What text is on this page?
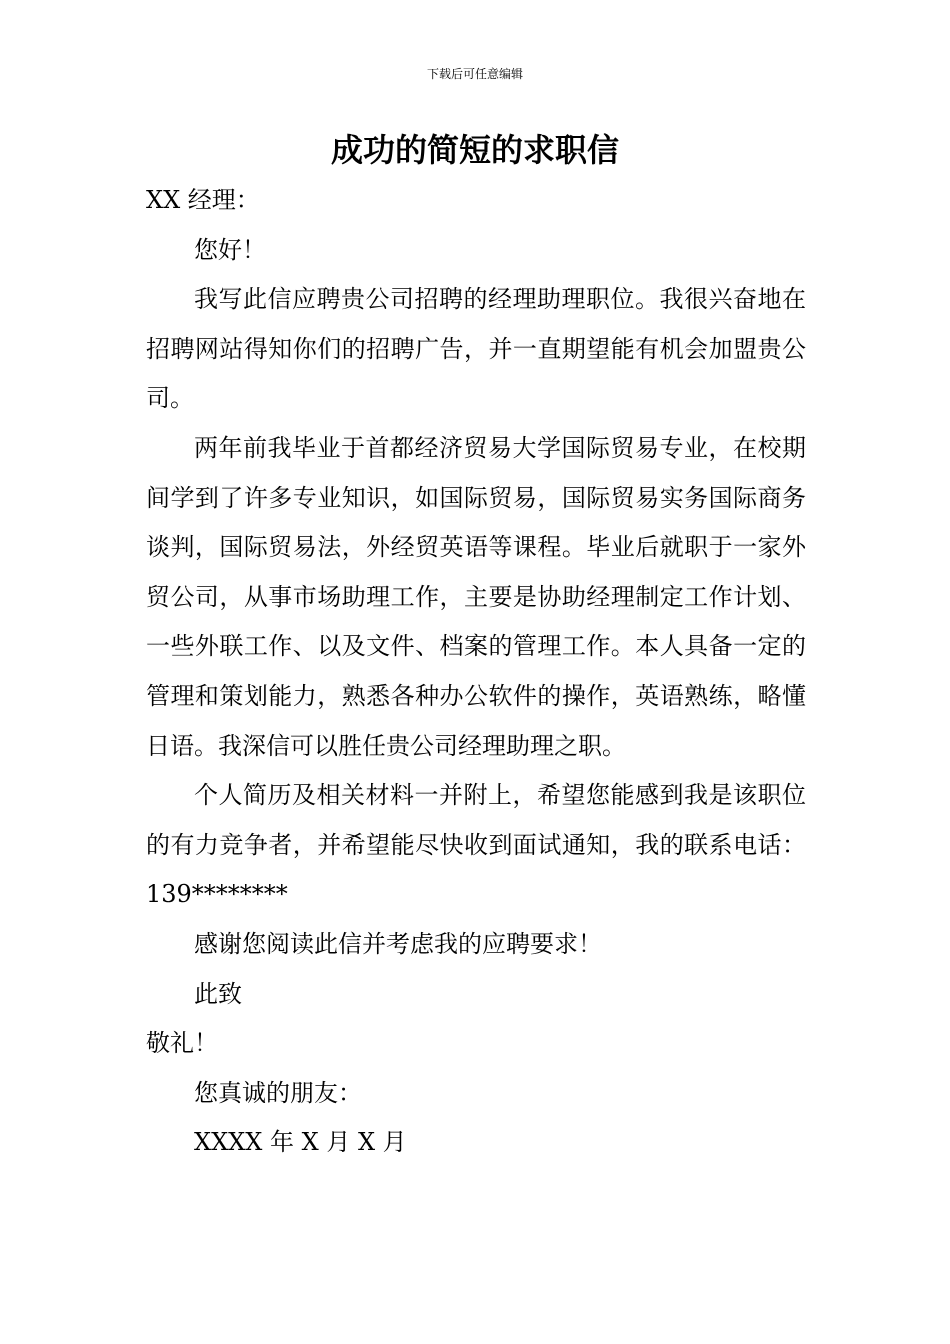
下载后可任意编辑
成功的简短的求职信

XX 经理：

您好！

我写此信应聘贵公司招聘的经理助理职位。我很兴奋地在招聘网站得知你们的招聘广告，并一直期望能有机会加盟贵公司。

两年前我毕业于首都经济贸易大学国际贸易专业，在校期间学到了许多专业知识，如国际贸易，国际贸易实务国际商务谈判，国际贸易法，外经贸英语等课程。毕业后就职于一家外贸公司，从事市场助理工作，主要是协助经理制定工作计划、一些外联工作、以及文件、档案的管理工作。本人具备一定的管理和策划能力，熟悉各种办公软件的操作，英语熟练，略懂日语。我深信可以胜任贵公司经理助理之职。

个人简历及相关材料一并附上，希望您能感到我是该职位的有力竞争者，并希望能尽快收到面试通知，我的联系电话：139********

感谢您阅读此信并考虑我的应聘要求！

此致

敬礼！

您真诚的朋友：

XXXX 年 X 月 X 月
